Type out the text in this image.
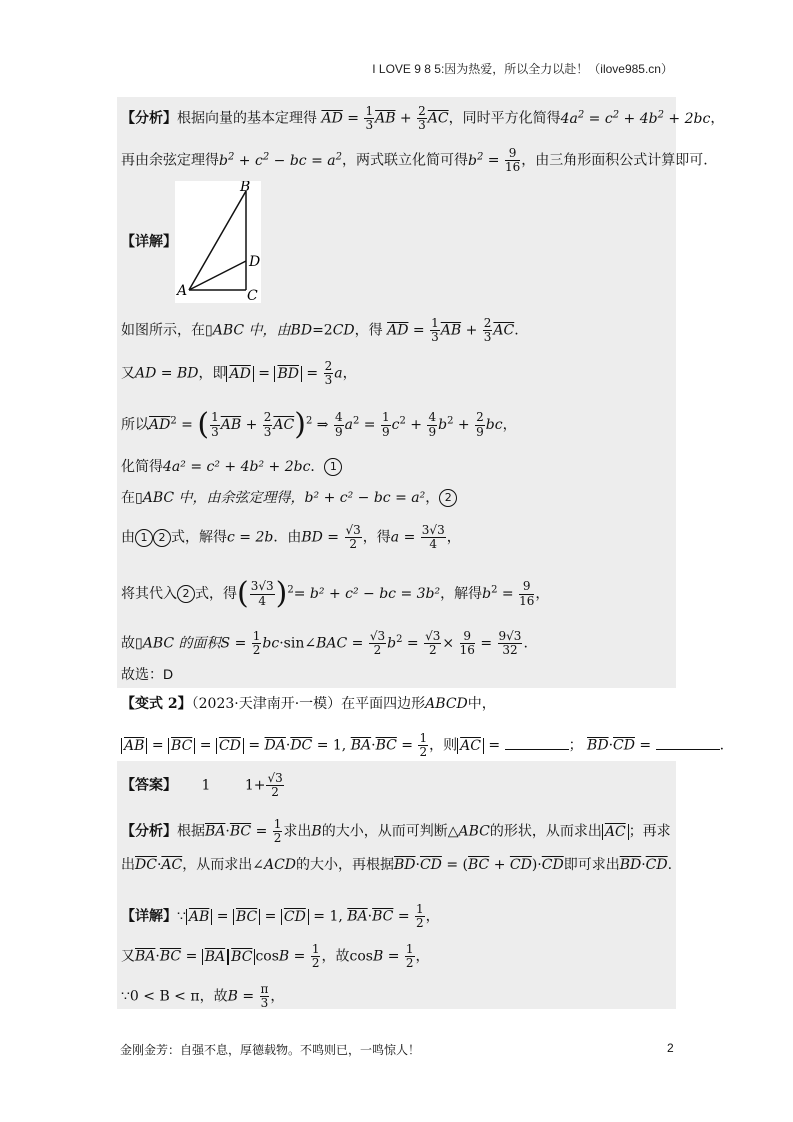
I LOVE 9 8 5:因为热爱，所以全力以赴！（ilove985.cn）
【分析】根据向量的基本定理得 $\overline{AD} = \frac{1}{3} \overline{AB} + \frac{2}{3} \overline{AC}$，同时平方化简得$4a^2 = c^2 + 4b^2 + 2bc$，
再由余弦定理得$b^2 + c^2$ − bc = $a^2$，两式联立化简可得$b^2 = \frac{9}{16}$ ，由三角形面积公式计算即可.
B
D
A	C
【详解】
如图所示，在▯ABC 中，由BD=2CD，得 $\overline{AD} = \frac{1}{3} \overline{AB} + \frac{2}{3} \overline{AC}$.
又AD = BD，即 $\overline{AD} = \overline{BD} = \frac{2}{3}$ a，
所以$\overline{AD}^2$ = ( $\frac{1}{3} \overline{AB} + \frac{2}{3} \overline{AC})^2$ ⇒ $\frac{4}{9} a^2 = \frac{1}{9} c^2 + \frac{4}{9} b^2 + \frac{2}{9}$ bc，
化简得4a² = c² + 4b² + 2bc． 1
在▯ABC 中，由余弦定理得，b² + c² − bc = a²， 2
由 1 2 式，解得c = 2b．由BD = $\frac{√3}{2}$ ，得$a = \frac{3√3}{4}$ ，
将其代入 2 式，得( $\frac{3√3}{4} )^2= b^2 + c^2$ − bc = 3b²，解得$b^2 = \frac{9}{16}$ ，
故▯ABC 的面积$S = \frac{1}{2}$ bc·sin∠BAC = $\frac{√3}{2} b^2 = \frac{√3}{2} \times \frac{9}{16} = \frac{9√3}{32}$ .
故选：D
【变式 2】（2023·天津南开·一模）在平面四边形ABCD中，
$\overline{AB} = \overline{BC} = \overline{CD} = \overline{DA}\cdot\overline{DC} = 1$, $\overline{BA}\cdot\overline{BC} = \frac{1}{2}$ ，则 $\overline{AC}$ =	； $\overline{BD}\cdot\overline{CD}$ =	.
【答案】 1 $1+ \frac{√3}{2}$
【分析】根据$\overline{BA}\cdot\overline{BC} = \frac{1}{2}$ 求出B的大小，从而可判断△ABC的形状，从而求出 $\overline{AC}$ ；再求
出$\overline{DC}\cdot\overline{AC}$，从而求出∠ACD的大小，再根据$\overline{BD}\cdot\overline{CD} = (\overline{BC} + \overline{CD})\cdot\overline{CD}$即可求出$\overline{BD}\cdot\overline{CD}$.
【详解】∵ $\overline{AB} = \overline{BC} = \overline{CD} = 1$, $\overline{BA}\cdot\overline{BC} = \frac{1}{2}$ ，
又$\overline{BA}\cdot\overline{BC} = \overline{BA}$ $\overline{BC}$ $\cos B = \frac{1}{2}$ ，故$\cos B = \frac{1}{2}$ ，
∵0 < B < π，故$B = \frac{\pi}{3}$ ，
金刚金芳：自强不息，厚德载物。不鸣则已，一鸣惊人！	2
